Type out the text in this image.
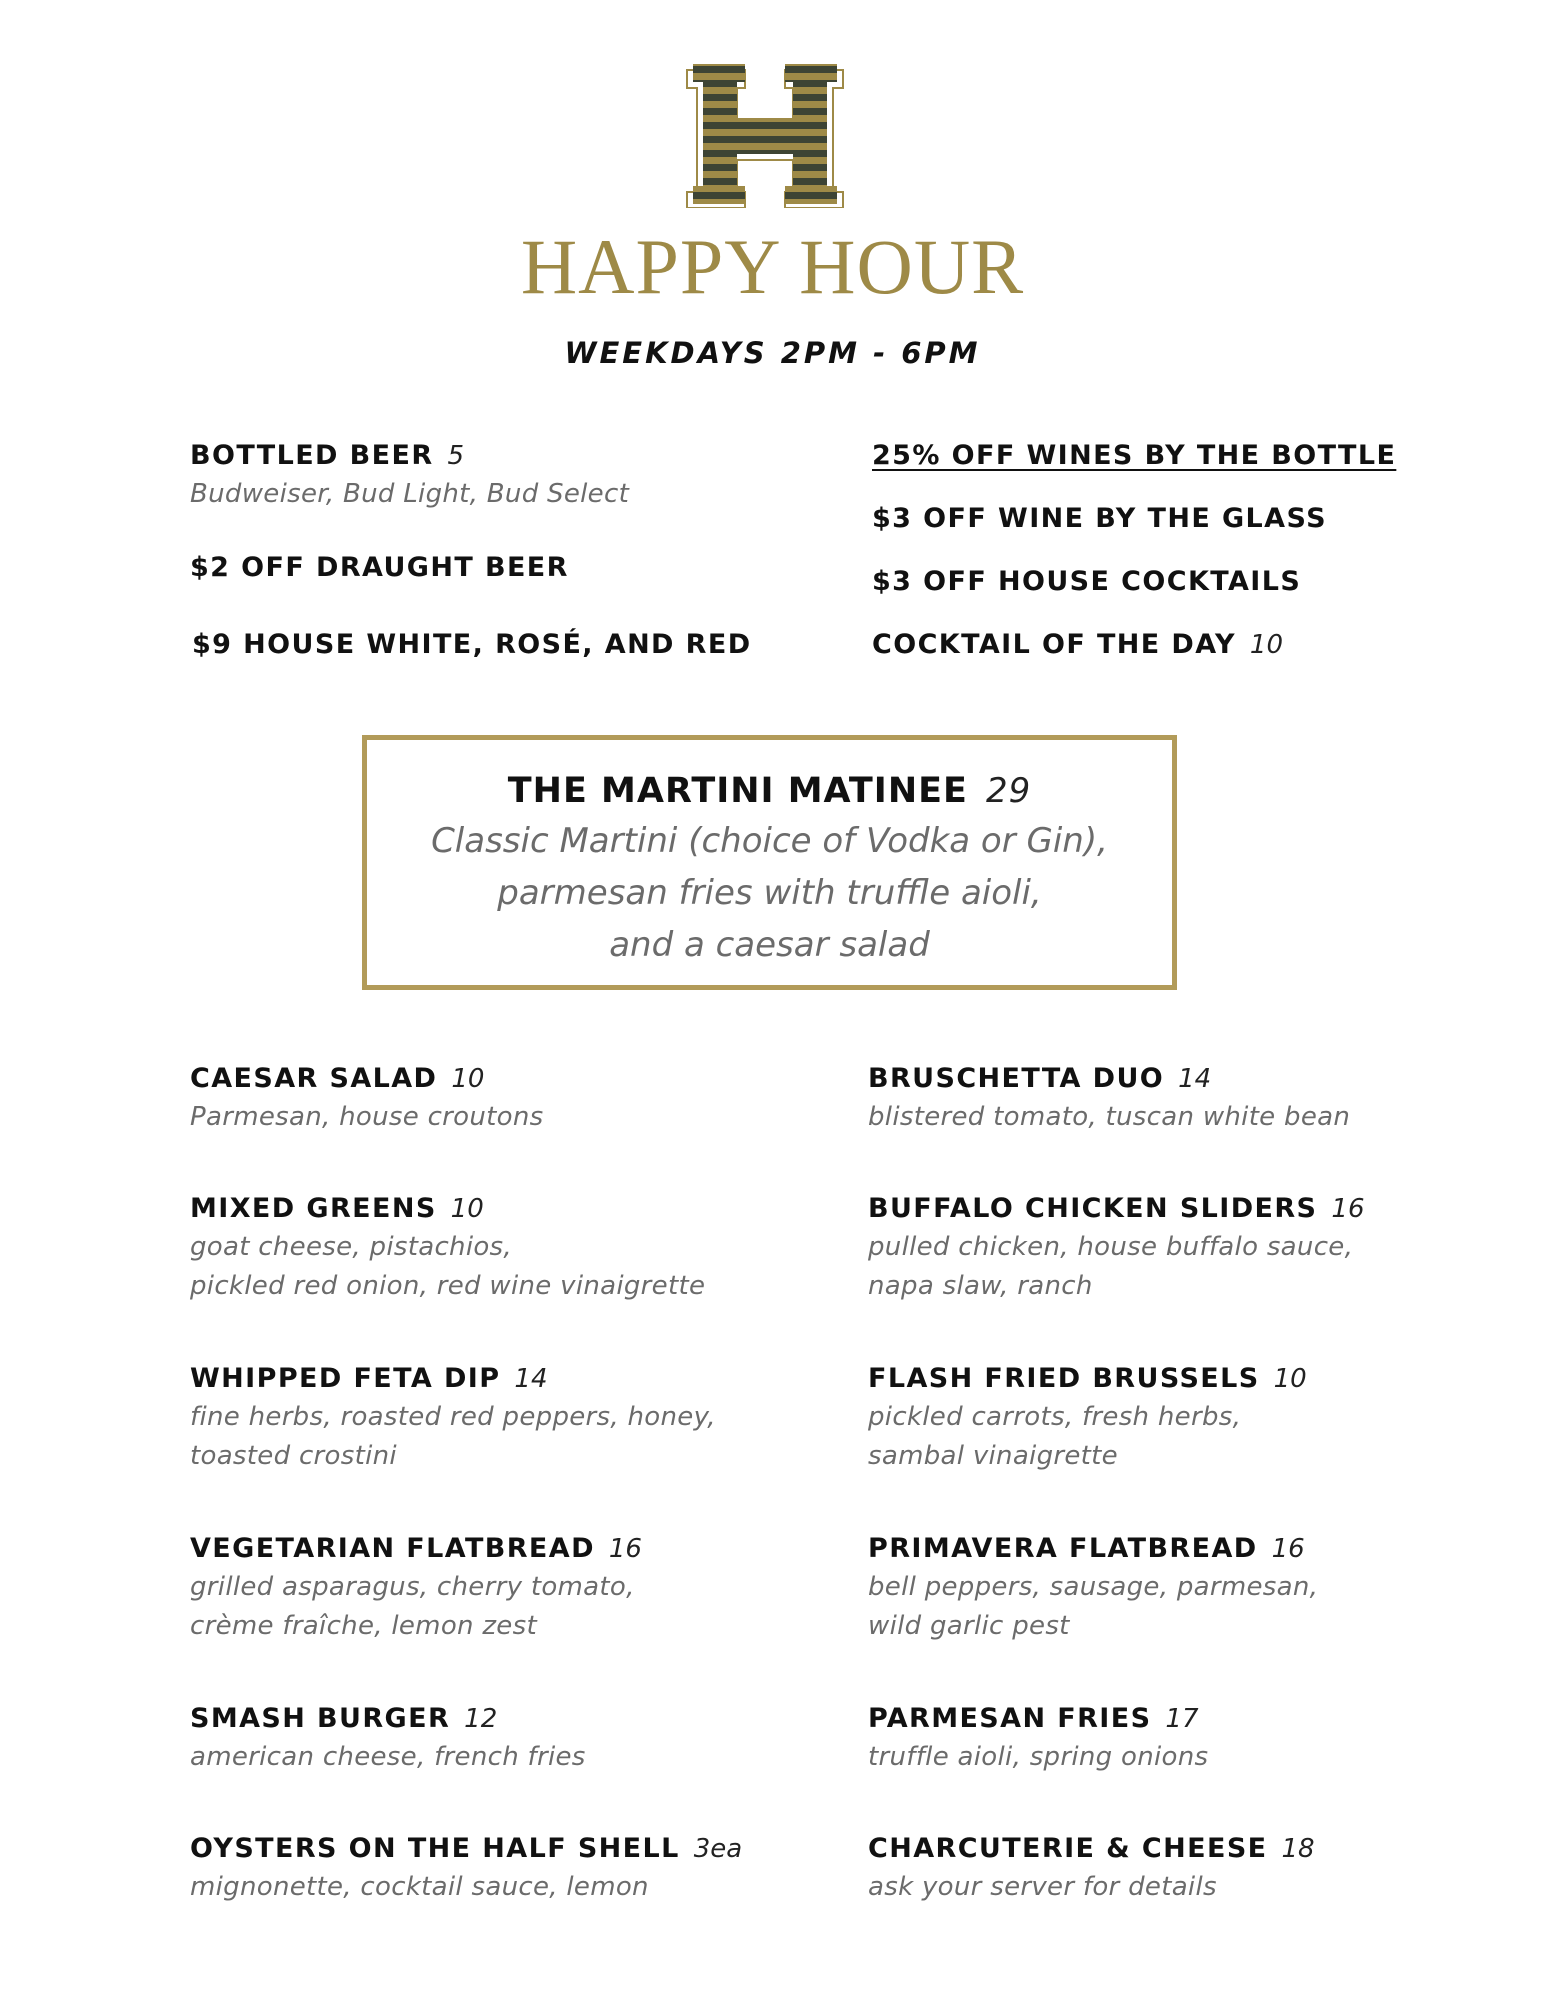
HAPPY HOUR
WEEKDAYS 2PM - 6PM
BOTTLED BEER 5
Budweiser, Bud Light, Bud Select
$2 OFF DRAUGHT BEER
$9 HOUSE WHITE, ROSÉ, AND RED
25% OFF WINES BY THE BOTTLE
$3 OFF WINE BY THE GLASS
$3 OFF HOUSE COCKTAILS
COCKTAIL OF THE DAY 10
THE MARTINI MATINEE 29
Classic Martini (choice of Vodka or Gin),
parmesan fries with truffle aioli,
and a caesar salad
CAESAR SALAD 10
Parmesan, house croutons
MIXED GREENS 10
goat cheese, pistachios,
pickled red onion, red wine vinaigrette
WHIPPED FETA DIP 14
fine herbs, roasted red peppers, honey,
toasted crostini
VEGETARIAN FLATBREAD 16
grilled asparagus, cherry tomato,
crème fraîche, lemon zest
SMASH BURGER 12
american cheese, french fries
OYSTERS ON THE HALF SHELL 3ea
mignonette, cocktail sauce, lemon
BRUSCHETTA DUO 14
blistered tomato, tuscan white bean
BUFFALO CHICKEN SLIDERS 16
pulled chicken, house buffalo sauce,
napa slaw, ranch
FLASH FRIED BRUSSELS 10
pickled carrots, fresh herbs,
sambal vinaigrette
PRIMAVERA FLATBREAD 16
bell peppers, sausage, parmesan,
wild garlic pest
PARMESAN FRIES 17
truffle aioli, spring onions
CHARCUTERIE & CHEESE 18
ask your server for details
